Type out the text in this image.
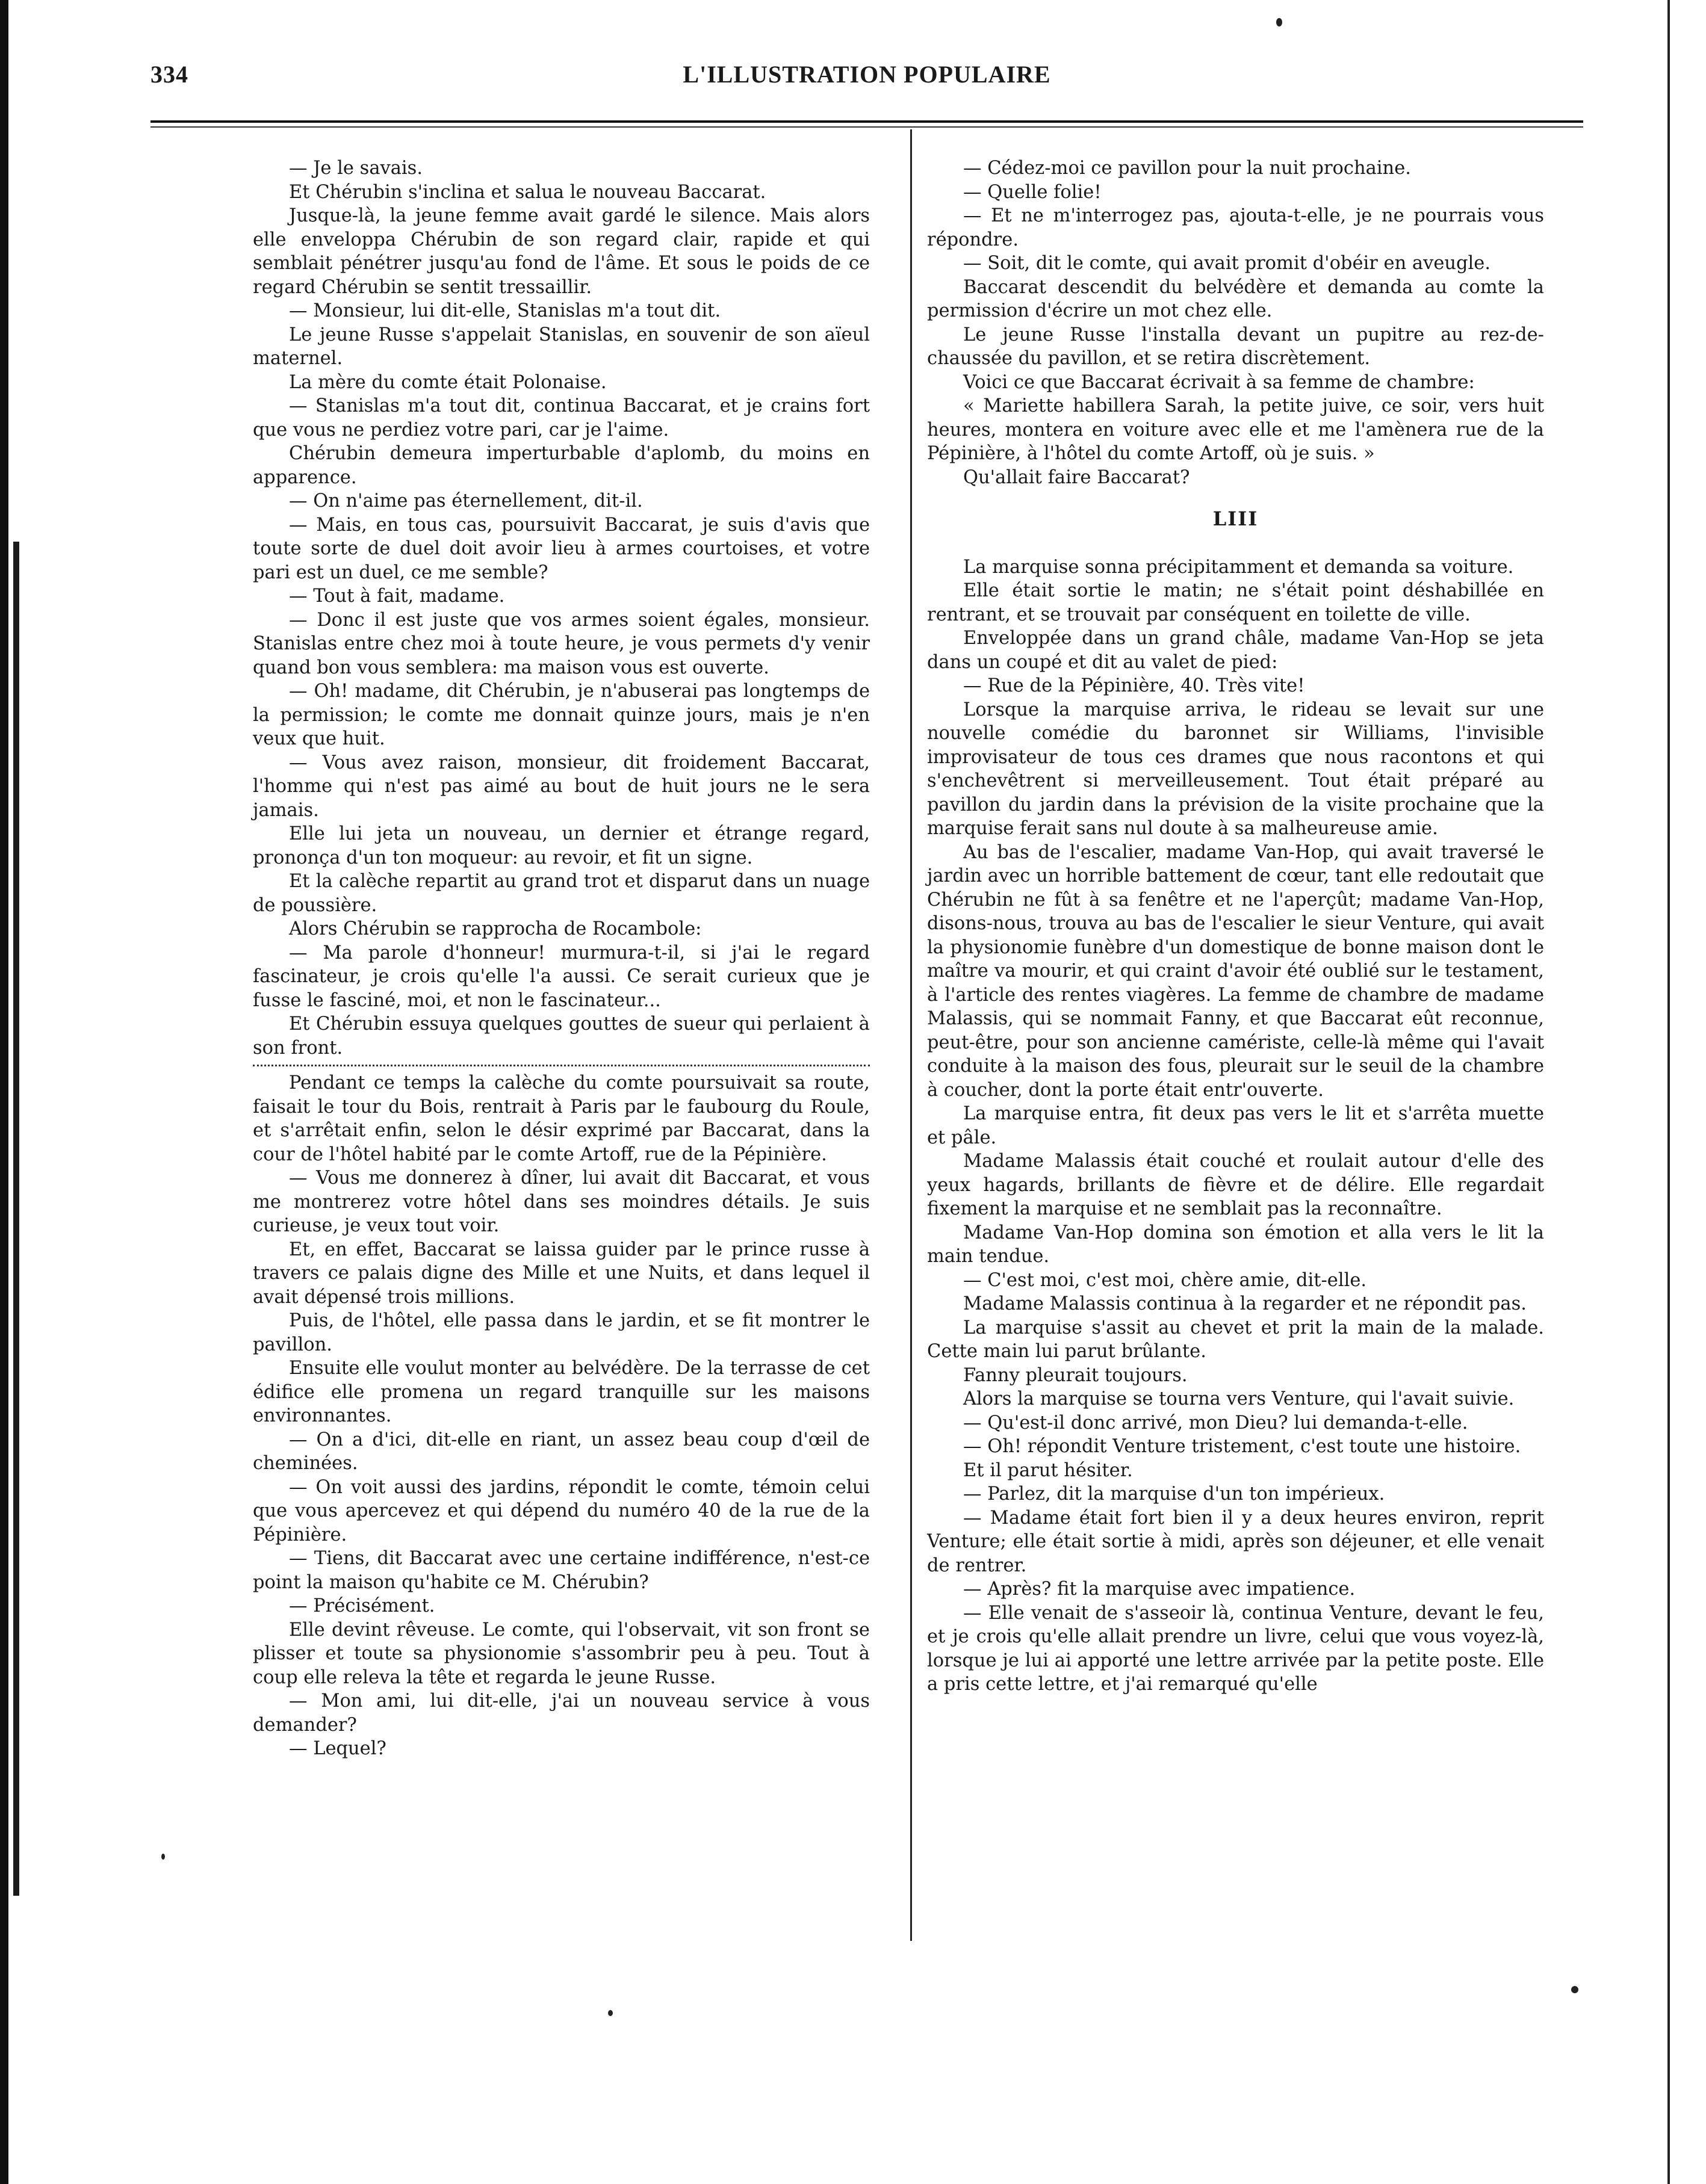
334	L'ILLUSTRATION POPULAIRE

— Je le savais.

Et Chérubin s'inclina et salua le nouveau Baccarat.

Jusque-là, la jeune femme avait gardé le silence. Mais alors elle enveloppa Chérubin de son regard clair, rapide et qui semblait pénétrer jusqu'au fond de l'âme. Et sous le poids de ce regard Chérubin se sentit tressaillir.

— Monsieur, lui dit-elle, Stanislas m'a tout dit.

Le jeune Russe s'appelait Stanislas, en souvenir de son aïeul maternel.

La mère du comte était Polonaise.

— Stanislas m'a tout dit, continua Baccarat, et je crains fort que vous ne perdiez votre pari, car je l'aime.

Chérubin demeura imperturbable d'aplomb, du moins en apparence.

— On n'aime pas éternellement, dit-il.

— Mais, en tous cas, poursuivit Baccarat, je suis d'avis que toute sorte de duel doit avoir lieu à armes courtoises, et votre pari est un duel, ce me semble?

— Tout à fait, madame.

— Donc il est juste que vos armes soient égales, monsieur. Stanislas entre chez moi à toute heure, je vous permets d'y venir quand bon vous semblera: ma maison vous est ouverte.

— Oh! madame, dit Chérubin, je n'abuserai pas longtemps de la permission; le comte me donnait quinze jours, mais je n'en veux que huit.

— Vous avez raison, monsieur, dit froidement Baccarat, l'homme qui n'est pas aimé au bout de huit jours ne le sera jamais.

Elle lui jeta un nouveau, un dernier et étrange regard, prononça d'un ton moqueur: au revoir, et fit un signe.

Et la calèche repartit au grand trot et disparut dans un nuage de poussière.

Alors Chérubin se rapprocha de Rocambole:

— Ma parole d'honneur! murmura-t-il, si j'ai le regard fascinateur, je crois qu'elle l'a aussi. Ce serait curieux que je fusse le fasciné, moi, et non le fascinateur...

Et Chérubin essuya quelques gouttes de sueur qui perlaient à son front.

Pendant ce temps la calèche du comte poursuivait sa route, faisait le tour du Bois, rentrait à Paris par le faubourg du Roule, et s'arrêtait enfin, selon le désir exprimé par Baccarat, dans la cour de l'hôtel habité par le comte Artoff, rue de la Pépinière.

— Vous me donnerez à dîner, lui avait dit Baccarat, et vous me montrerez votre hôtel dans ses moindres détails. Je suis curieuse, je veux tout voir.

Et, en effet, Baccarat se laissa guider par le prince russe à travers ce palais digne des Mille et une Nuits, et dans lequel il avait dépensé trois millions.

Puis, de l'hôtel, elle passa dans le jardin, et se fit montrer le pavillon.

Ensuite elle voulut monter au belvédère. De la terrasse de cet édifice elle promena un regard tranquille sur les maisons environnantes.

— On a d'ici, dit-elle en riant, un assez beau coup d'œil de cheminées.

— On voit aussi des jardins, répondit le comte, témoin celui que vous apercevez et qui dépend du numéro 40 de la rue de la Pépinière.

— Tiens, dit Baccarat avec une certaine indifférence, n'est-ce point la maison qu'habite ce M. Chérubin?

— Précisément.

Elle devint rêveuse. Le comte, qui l'observait, vit son front se plisser et toute sa physionomie s'assombrir peu à peu. Tout à coup elle releva la tête et regarda le jeune Russe.

— Mon ami, lui dit-elle, j'ai un nouveau service à vous demander?

— Lequel?

— Cédez-moi ce pavillon pour la nuit prochaine.

— Quelle folie!

— Et ne m'interrogez pas, ajouta-t-elle, je ne pourrais vous répondre.

— Soit, dit le comte, qui avait promit d'obéir en aveugle.

Baccarat descendit du belvédère et demanda au comte la permission d'écrire un mot chez elle.

Le jeune Russe l'installa devant un pupitre au rez-de-chaussée du pavillon, et se retira discrètement.

Voici ce que Baccarat écrivait à sa femme de chambre:

« Mariette habillera Sarah, la petite juive, ce soir, vers huit heures, montera en voiture avec elle et me l'amènera rue de la Pépinière, à l'hôtel du comte Artoff, où je suis. »

Qu'allait faire Baccarat?

LIII

La marquise sonna précipitamment et demanda sa voiture.

Elle était sortie le matin; ne s'était point déshabillée en rentrant, et se trouvait par conséquent en toilette de ville.

Enveloppée dans un grand châle, madame Van-Hop se jeta dans un coupé et dit au valet de pied:

— Rue de la Pépinière, 40. Très vite!

Lorsque la marquise arriva, le rideau se levait sur une nouvelle comédie du baronnet sir Williams, l'invisible improvisateur de tous ces drames que nous racontons et qui s'enchevêtrent si merveilleusement. Tout était préparé au pavillon du jardin dans la prévision de la visite prochaine que la marquise ferait sans nul doute à sa malheureuse amie.

Au bas de l'escalier, madame Van-Hop, qui avait traversé le jardin avec un horrible battement de cœur, tant elle redoutait que Chérubin ne fût à sa fenêtre et ne l'aperçût; madame Van-Hop, disons-nous, trouva au bas de l'escalier le sieur Venture, qui avait la physionomie funèbre d'un domestique de bonne maison dont le maître va mourir, et qui craint d'avoir été oublié sur le testament, à l'article des rentes viagères. La femme de chambre de madame Malassis, qui se nommait Fanny, et que Baccarat eût reconnue, peut-être, pour son ancienne camériste, celle-là même qui l'avait conduite à la maison des fous, pleurait sur le seuil de la chambre à coucher, dont la porte était entr'ouverte.

La marquise entra, fit deux pas vers le lit et s'arrêta muette et pâle.

Madame Malassis était couché et roulait autour d'elle des yeux hagards, brillants de fièvre et de délire. Elle regardait fixement la marquise et ne semblait pas la reconnaître.

Madame Van-Hop domina son émotion et alla vers le lit la main tendue.

— C'est moi, c'est moi, chère amie, dit-elle.

Madame Malassis continua à la regarder et ne répondit pas.

La marquise s'assit au chevet et prit la main de la malade. Cette main lui parut brûlante.

Fanny pleurait toujours.

Alors la marquise se tourna vers Venture, qui l'avait suivie.

— Qu'est-il donc arrivé, mon Dieu? lui demanda-t-elle.

— Oh! répondit Venture tristement, c'est toute une histoire.

Et il parut hésiter.

— Parlez, dit la marquise d'un ton impérieux.

— Madame était fort bien il y a deux heures environ, reprit Venture; elle était sortie à midi, après son déjeuner, et elle venait de rentrer.

— Après? fit la marquise avec impatience.

— Elle venait de s'asseoir là, continua Venture, devant le feu, et je crois qu'elle allait prendre un livre, celui que vous voyez-là, lorsque je lui ai apporté une lettre arrivée par la petite poste. Elle a pris cette lettre, et j'ai remarqué qu'elle
